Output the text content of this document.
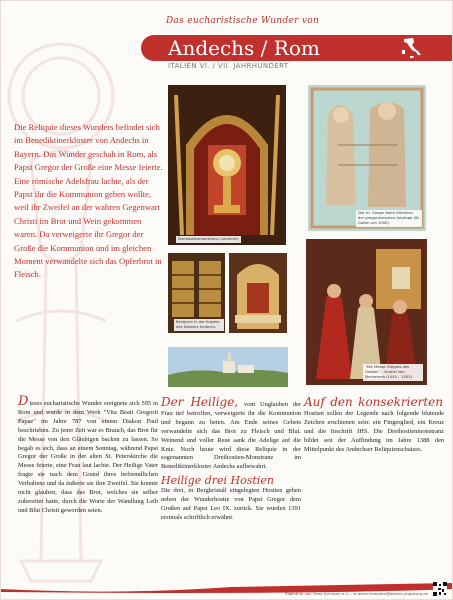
Das eucharistische Wunder von
Andechs / Rom
ITALIEN VI. / VII. JAHRHUNDERT
Die Reliquie dieses Wunders befindet sich im Benediktinerkloster von Andechs in Bayern. Das Wunder geschah in Rom, als Papst Gregor der Große eine Messe feierte. Eine römische Adelsfrau lachte, als der Papst ihr die Kommunion geben wollte, weil ihr Zweifel an der wahren Gegenwart Christi im Brot und Wein gekommen waren. Da verweigerte ihr Gregor der Große die Kommunion und im gleichen Moment verwandelte sich das Opferbrot in Fleisch.
Dreihostienmonstranz (Andechs)
Der Hl. Gregor beim Diktieren der gregorianischen Gesänge (St. Gallen um 1000)
Reliquien in der Kapelle des Klosters Andechs
"Die Messe Gregors des Großen" – Israhel Van Meckenem (1440 – 1503)
Dieses eucharistische Wunder ereignete sich 595 in Rom und wurde in dem Werk "Vita Beati Gregorii Papae" im Jahre 787 von einem Diakon Paul beschrieben. Zu jener Zeit war es Brauch, das Brot für die Messe von den Gläubigen backen zu lassen. So begab es sich, dass an einem Sonntag, während Papst Gregor der Große in der alten St. Peterskirche die Messe feierte, eine Frau laut lachte. Der Heilige Vater fragte sie nach dem Grund ihres befremdlichen Verhaltens und da äußerte sie ihre Zweifel. Sie konnte nicht glauben, dass das Brot, welches sie selber zubereitet hatte, durch die Worte der Wandlung Leib und Blut Christi geworden seien.
Der Heilige, vom Unglauben der Frau tief betroffen, verweigerte ihr die Kommunion und begann zu beten. Am Ende seines Gebets verwandelte sich das Brot zu Fleisch und Blut. Weinend und voller Reue sank die Adelige auf die Knie. Noch heute wird diese Reliquie in der sogenannten Dreihostien-Monstranz im Benediktinerkloster Andechs aufbewahrt.
Heilige drei Hostien
Die drei, in Bergkristall eingelegten Hostien gehen neben der Wunderhostie von Papst Gregor dem Großen auf Papst Leo IX. zurück. Sie wurden 1391 erstmals schriftlich erwähnt.
Auf den konsekrierten Hostien sollen der Legende nach folgende blutende Zeichen erschienen sein: ein Fingerglied, ein Kreuz und die Inschrift IHS. Die Dreihostienmonstranz bildet seit der Auffindung im Jahre 1388 den Mittelpunkt des Andechser Reliquienschatzes.
Eigentum von Ones Schulzen e.V. – st.ansor.kompten@bistum-augsburg.de
